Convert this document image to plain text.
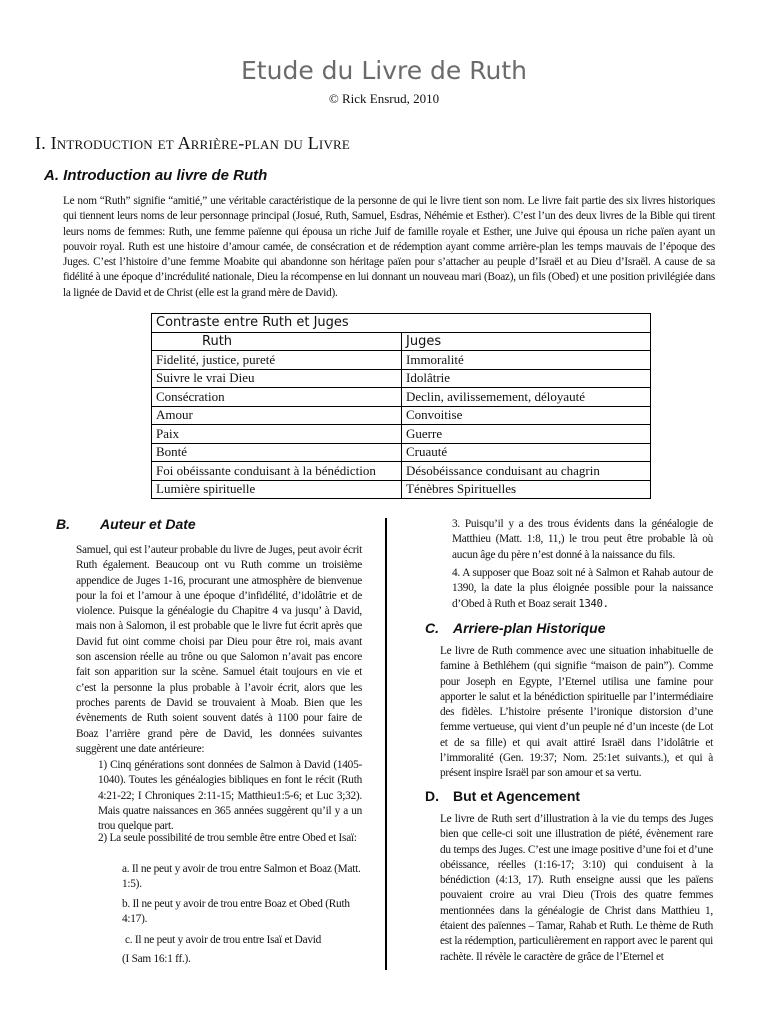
Etude du Livre de Ruth
© Rick Ensrud, 2010
I. Introduction et Arrière-plan du Livre
A. Introduction au livre de Ruth
Le nom “Ruth” signifie “amitié,” une véritable caractéristique de la personne de qui le livre tient son nom. Le livre fait partie des six livres historiques qui tiennent leurs noms de leur personnage principal (Josué, Ruth, Samuel, Esdras, Néhémie et Esther). C’est l’un des deux livres de la Bible qui tirent leurs noms de femmes: Ruth, une femme païenne qui épousa un riche Juif de famille royale et Esther, une Juive qui épousa un riche païen ayant un pouvoir royal. Ruth est une histoire d’amour camée, de consécration et de rédemption ayant comme arrière-plan les temps mauvais de l’époque des Juges. C’est l’histoire d’une femme Moabite qui abandonne son héritage païen pour s’attacher au peuple d’Israël et au Dieu d’Israël. A cause de sa fidélité à une époque d’incrédulité nationale, Dieu la récompense en lui donnant un nouveau mari (Boaz), un fils (Obed) et une position privilégiée dans la lignée de David et de Christ (elle est la grand mère de David).
Contraste entre Ruth et Juges	
Ruth	Juges
Fidelité, justice, pureté	Immoralité
Suivre le vrai Dieu	Idolâtrie
Consécration	Declin, avilissemement, déloyauté
Amour	Convoitise
Paix	Guerre
Bonté	Cruauté
Foi obéissante conduisant à la bénédiction	Désobéissance conduisant au chagrin
Lumière spirituelle	Ténèbres Spirituelles
B. Auteur et Date
Samuel, qui est l’auteur probable du livre de Juges, peut avoir écrit Ruth également. Beaucoup ont vu Ruth comme un troisième appendice de Juges 1-16, procurant une atmosphère de bienvenue pour la foi et l’amour à une époque d’infidélité, d’idolâtrie et de violence. Puisque la généalogie du Chapitre 4 va jusqu’ à David, mais non à Salomon, il est probable que le livre fut écrit après que David fut oint comme choisi par Dieu pour être roi, mais avant son ascension réelle au trône ou que Salomon n’avait pas encore fait son apparition sur la scène. Samuel était toujours en vie et c’est la personne la plus probable à l’avoir écrit, alors que les proches parents de David se trouvaient à Moab. Bien que les évènements de Ruth soient souvent datés à 1100 pour faire de Boaz l’arrière grand père de David, les données suivantes suggèrent une date antérieure:
1) Cinq générations sont données de Salmon à David (1405-1040). Toutes les généalogies bibliques en font le récit (Ruth 4:21-22; I Chroniques 2:11-15; Matthieu1:5-6; et Luc 3;32). Mais quatre naissances en 365 années suggèrent qu’il y a un trou quelque part.
2) La seule possibilité de trou semble être entre Obed et Isaï:
a. Il ne peut y avoir de trou entre Salmon et Boaz (Matt. 1:5).
b. Il ne peut y avoir de trou entre Boaz et Obed (Ruth 4:17).
c. Il ne peut y avoir de trou entre Isaï et David
(I Sam 16:1 ff.).
3. Puisqu’il y a des trous évidents dans la généalogie de Matthieu (Matt. 1:8, 11,) le trou peut être probable là où aucun âge du père n’est donné à la naissance du fils.
4. A supposer que Boaz soit né à Salmon et Rahab autour de 1390, la date la plus éloignée possible pour la naissance d’Obed à Ruth et Boaz serait 1340.
C. Arriere-plan Historique
Le livre de Ruth commence avec une situation inhabituelle de famine à Bethléhem (qui signifie “maison de pain”). Comme pour Joseph en Egypte, l’Eternel utilisa une famine pour apporter le salut et la bénédiction spirituelle par l’intermédiaire des fidèles. L’histoire présente l’ironique distorsion d’une femme vertueuse, qui vient d’un peuple né d’un inceste (de Lot et de sa fille) et qui avait attiré Israël dans l’idolâtrie et l’immoralité (Gen. 19:37; Nom. 25:1et suivants.), et qui à présent inspire Israël par son amour et sa vertu.
D. But et Agencement
Le livre de Ruth sert d’illustration à la vie du temps des Juges bien que celle-ci soit une illustration de piété, évènement rare du temps des Juges. C’est une image positive d’une foi et d’une obéissance, réelles (1:16-17; 3:10) qui conduisent à la bénédiction (4:13, 17). Ruth enseigne aussi que les païens pouvaient croire au vrai Dieu (Trois des quatre femmes mentionnées dans la généalogie de Christ dans Matthieu 1, étaient des païennes – Tamar, Rahab et Ruth. Le thème de Ruth est la rédemption, particulièrement en rapport avec le parent qui rachète. Il révèle le caractère de grâce de l’Eternel et
